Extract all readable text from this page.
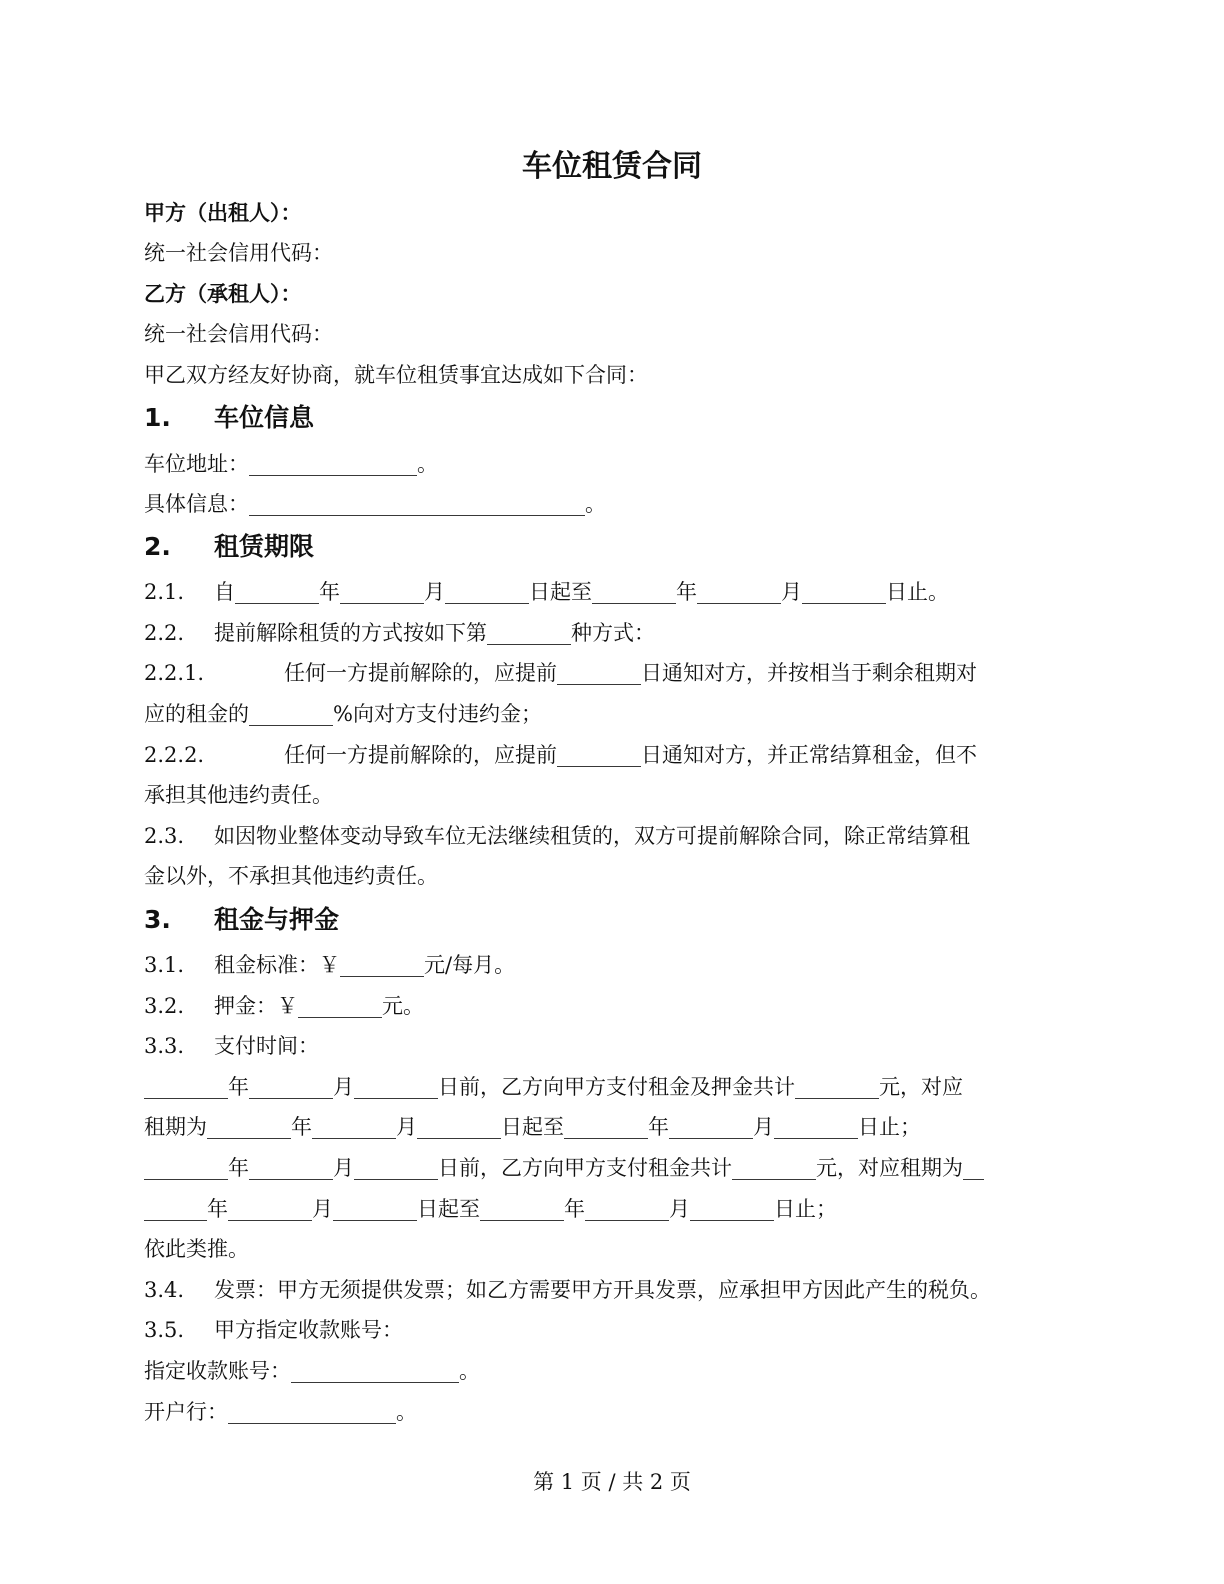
车位租赁合同
甲方（出租人）：
统一社会信用代码：
乙方（承租人）：
统一社会信用代码：
甲乙双方经友好协商，就车位租赁事宜达成如下合同：
1. 车位信息
车位地址：________________。
具体信息：________________________________。
2. 租赁期限
2.1. 自________年________月________日起至________年________月________日止。
2.2. 提前解除租赁的方式按如下第________种方式：
2.2.1.	任何一方提前解除的，应提前________日通知对方，并按相当于剩余租期对
应的租金的________%向对方支付违约金；
2.2.2.	任何一方提前解除的，应提前________日通知对方，并正常结算租金，但不
承担其他违约责任。
2.3. 如因物业整体变动导致车位无法继续租赁的，双方可提前解除合同，除正常结算租
金以外，不承担其他违约责任。
3. 租金与押金
3.1. 租金标准：￥________元/每月。
3.2. 押金：￥________元。
3.3. 支付时间：
________年________月________日前，乙方向甲方支付租金及押金共计________元，对应
租期为________年________月________日起至________年________月________日止；
________年________月________日前，乙方向甲方支付租金共计________元，对应租期为__
______年________月________日起至________年________月________日止；
依此类推。
3.4. 发票：甲方无须提供发票；如乙方需要甲方开具发票，应承担甲方因此产生的税负。
3.5. 甲方指定收款账号：
指定收款账号：________________。
开户行：________________。
第 1 页 / 共 2 页
